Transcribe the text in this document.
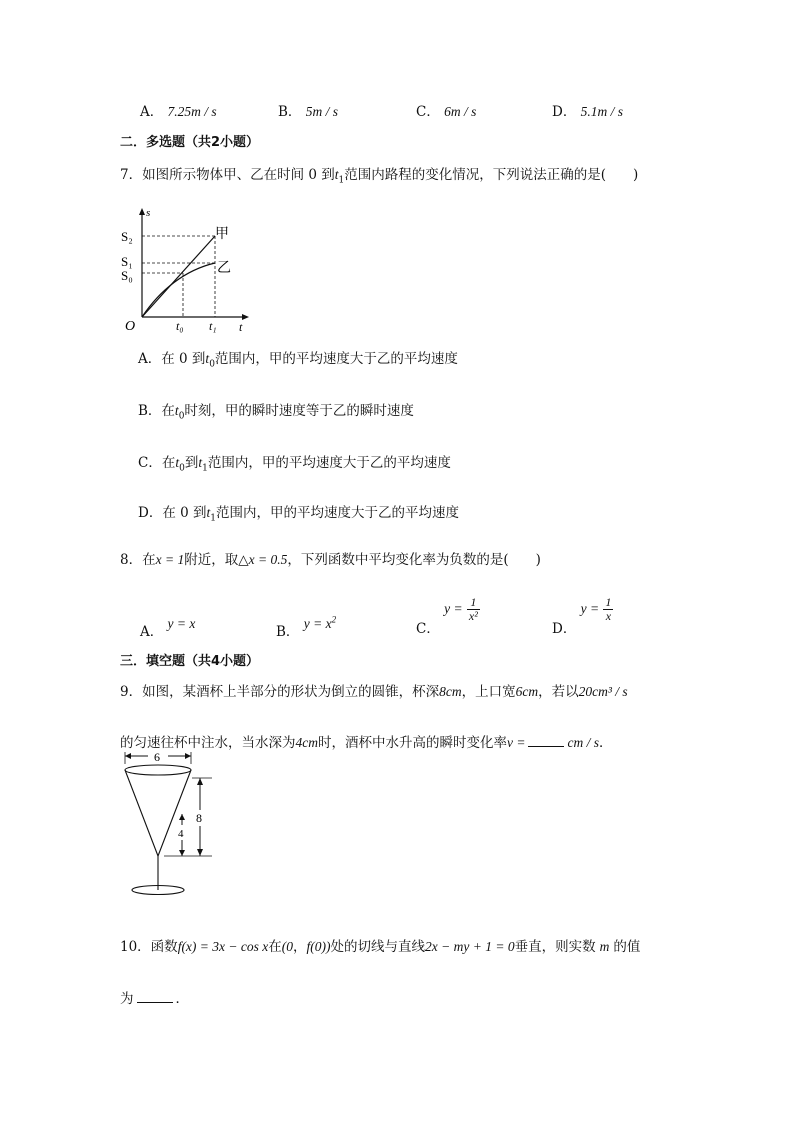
A． 7.25m / s	B． 5m / s	C． 6m / s	D． 5.1m / s
二．多选题（共2小题）
7．如图所示物体甲、乙在时间 0 到$t_1$范围内路程的变化情况，下列说法正确的是(　　)
s
t
O
S₂
S₁
S₀
t₀ t₁
甲
乙
A．在 0 到$t_0$范围内，甲的平均速度大于乙的平均速度
B．在$t_0$时刻，甲的瞬时速度等于乙的瞬时速度
C．在$t_0$到$t_1$范围内，甲的平均速度大于乙的平均速度
D．在 0 到$t_1$范围内，甲的平均速度大于乙的平均速度
8．在x = 1附近，取△x = 0.5，下列函数中平均变化率为负数的是(　　)
A． y = x
B． $y = x^2$
C． $y = \frac{1}{\text{x²}}$
D． $y = \frac{1}{x}$
三．填空题（共4小题）
9．如图，某酒杯上半部分的形状为倒立的圆锥，杯深8cm，上口宽6cm，若以20cm³ / s
的匀速往杯中注水，当水深为4cm时，酒杯中水升高的瞬时变化率v =	cm / s．
6
8
4
10．函数f(x) = 3x − cos x在(0，f(0))处的切线与直线2x − my + 1 = 0垂直，则实数 m 的值
为	．
